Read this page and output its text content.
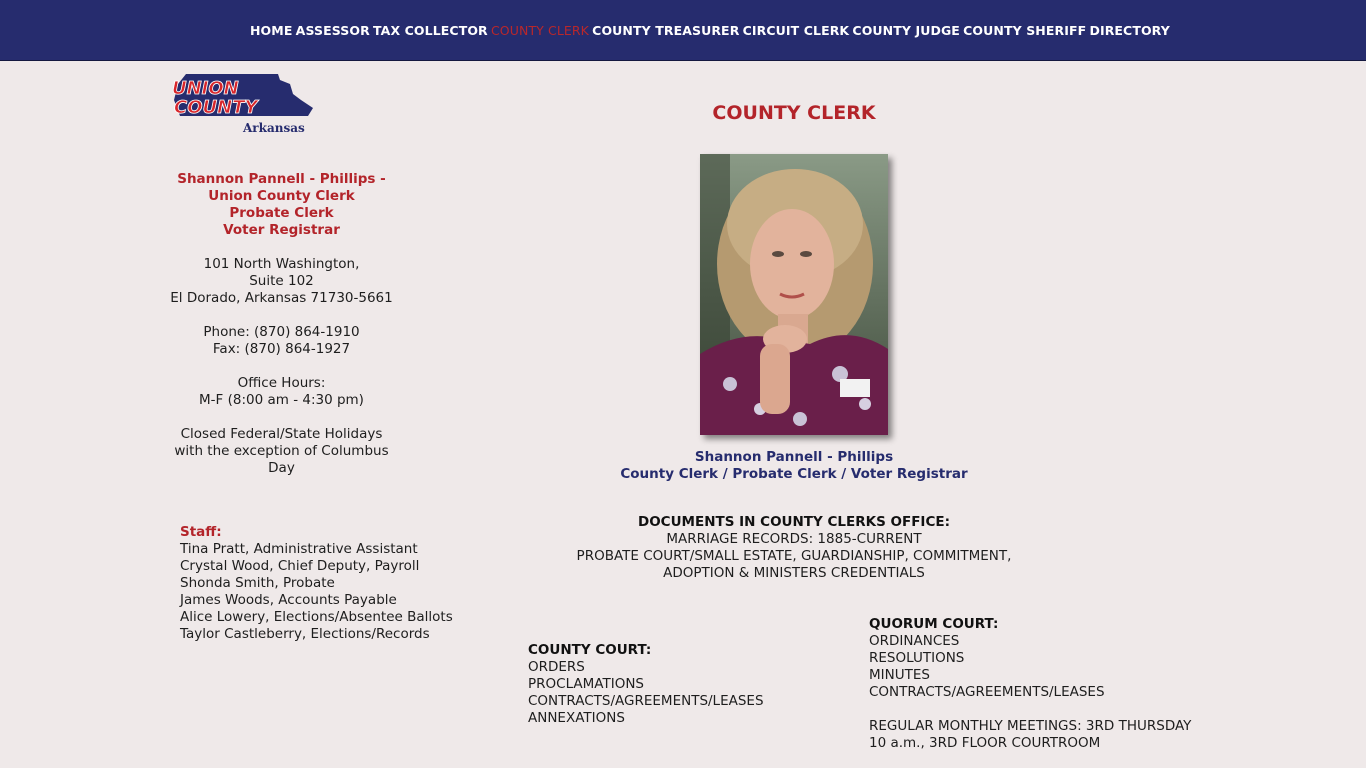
HOME ASSESSOR TAX COLLECTOR COUNTY CLERK COUNTY TREASURER CIRCUIT CLERK COUNTY JUDGE COUNTY SHERIFF DIRECTORY
UNION
COUNTY
Arkansas
Shannon Pannell - Phillips -
Union County Clerk
Probate Clerk
Voter Registrar
101 North Washington,
Suite 102
El Dorado, Arkansas 71730-5661
Phone: (870) 864-1910
Fax: (870) 864-1927
Office Hours:
M-F (8:00 am - 4:30 pm)
Closed Federal/State Holidays
with the exception of Columbus
Day
Staff:
Tina Pratt, Administrative Assistant
Crystal Wood, Chief Deputy, Payroll
Shonda Smith, Probate
James Woods, Accounts Payable
Alice Lowery, Elections/Absentee Ballots
Taylor Castleberry, Elections/Records
COUNTY CLERK
Shannon Pannell - Phillips
County Clerk / Probate Clerk / Voter Registrar
DOCUMENTS IN COUNTY CLERKS OFFICE:
MARRIAGE RECORDS: 1885-CURRENT
PROBATE COURT/SMALL ESTATE, GUARDIANSHIP, COMMITMENT,
ADOPTION & MINISTERS CREDENTIALS
COUNTY COURT:
ORDERS
PROCLAMATIONS
CONTRACTS/AGREEMENTS/LEASES
ANNEXATIONS
QUORUM COURT:
ORDINANCES
RESOLUTIONS
MINUTES
CONTRACTS/AGREEMENTS/LEASES
REGULAR MONTHLY MEETINGS: 3RD THURSDAY
10 a.m., 3RD FLOOR COURTROOM
